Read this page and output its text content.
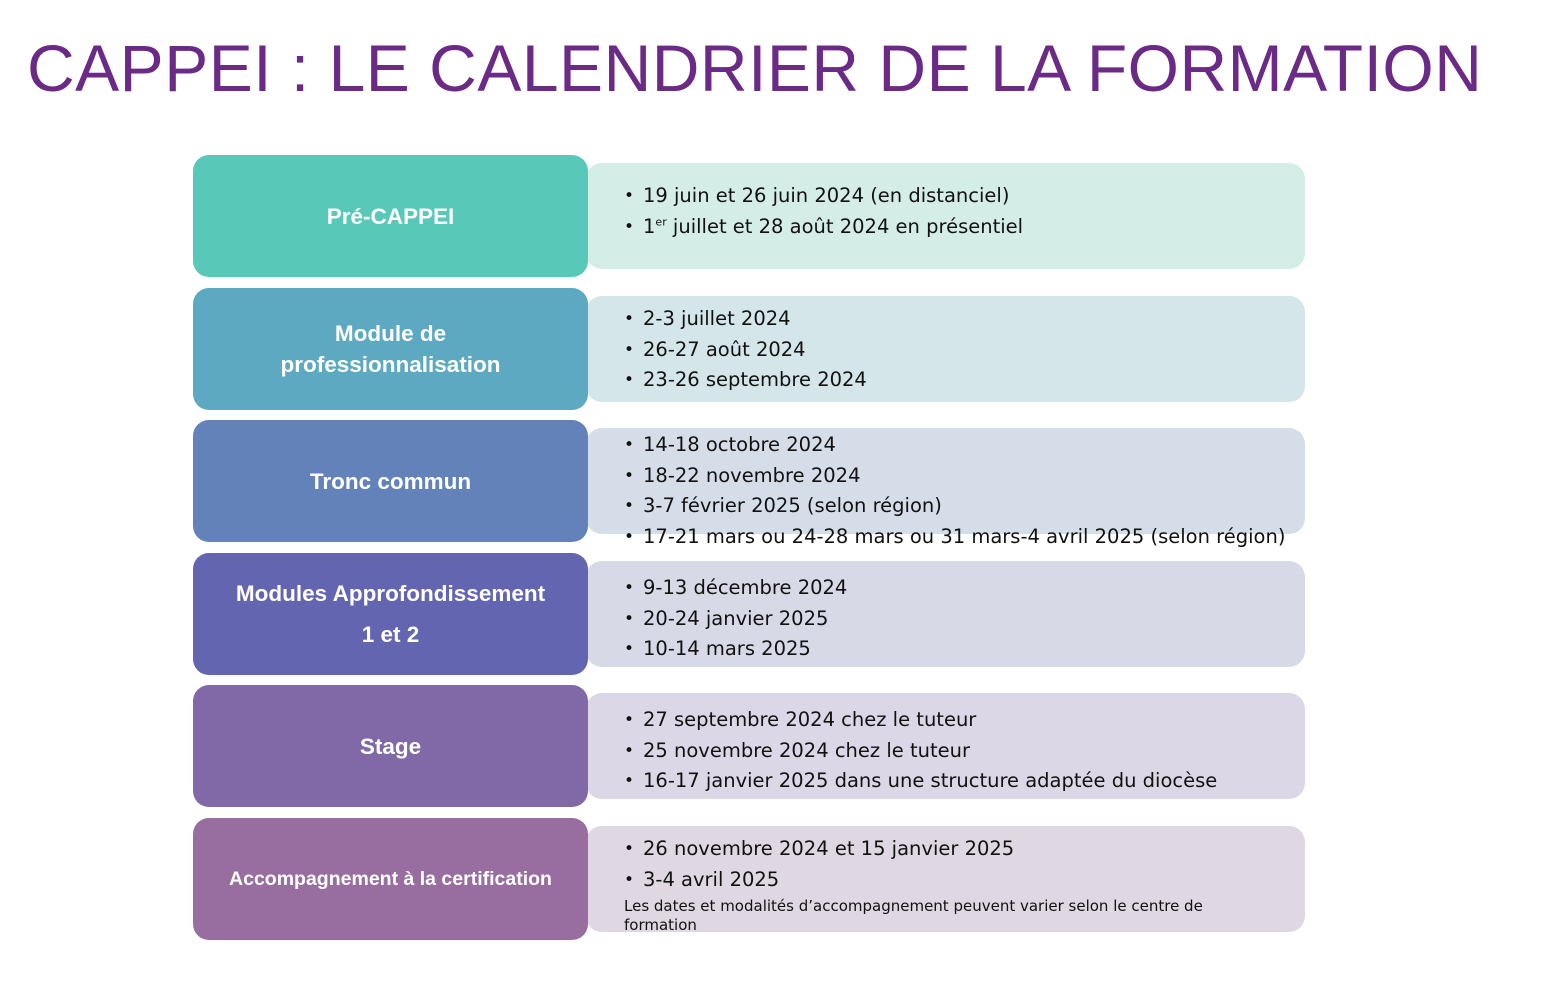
CAPPEI : LE CALENDRIER DE LA FORMATION
• 19 juin et 26 juin 2024 (en distanciel)
• 1er juillet et 28 août 2024 en présentiel
Pré-CAPPEI
• 2-3 juillet 2024
• 26-27 août 2024
• 23-26 septembre 2024
Module de
professionnalisation
• 14-18 octobre 2024
• 18-22 novembre 2024
• 3-7 février 2025 (selon région)
• 17-21 mars ou 24-28 mars ou 31 mars-4 avril 2025 (selon région)
Tronc commun
• 9-13 décembre 2024
• 20-24 janvier 2025
• 10-14 mars 2025
Modules Approfondissement
1 et 2
• 27 septembre 2024 chez le tuteur
• 25 novembre 2024 chez le tuteur
• 16-17 janvier 2025 dans une structure adaptée du diocèse
Stage
• 26 novembre 2024 et 15 janvier 2025
• 3-4 avril 2025
Les dates et modalités d’accompagnement peuvent varier selon le centre de formation
Accompagnement à la certification
